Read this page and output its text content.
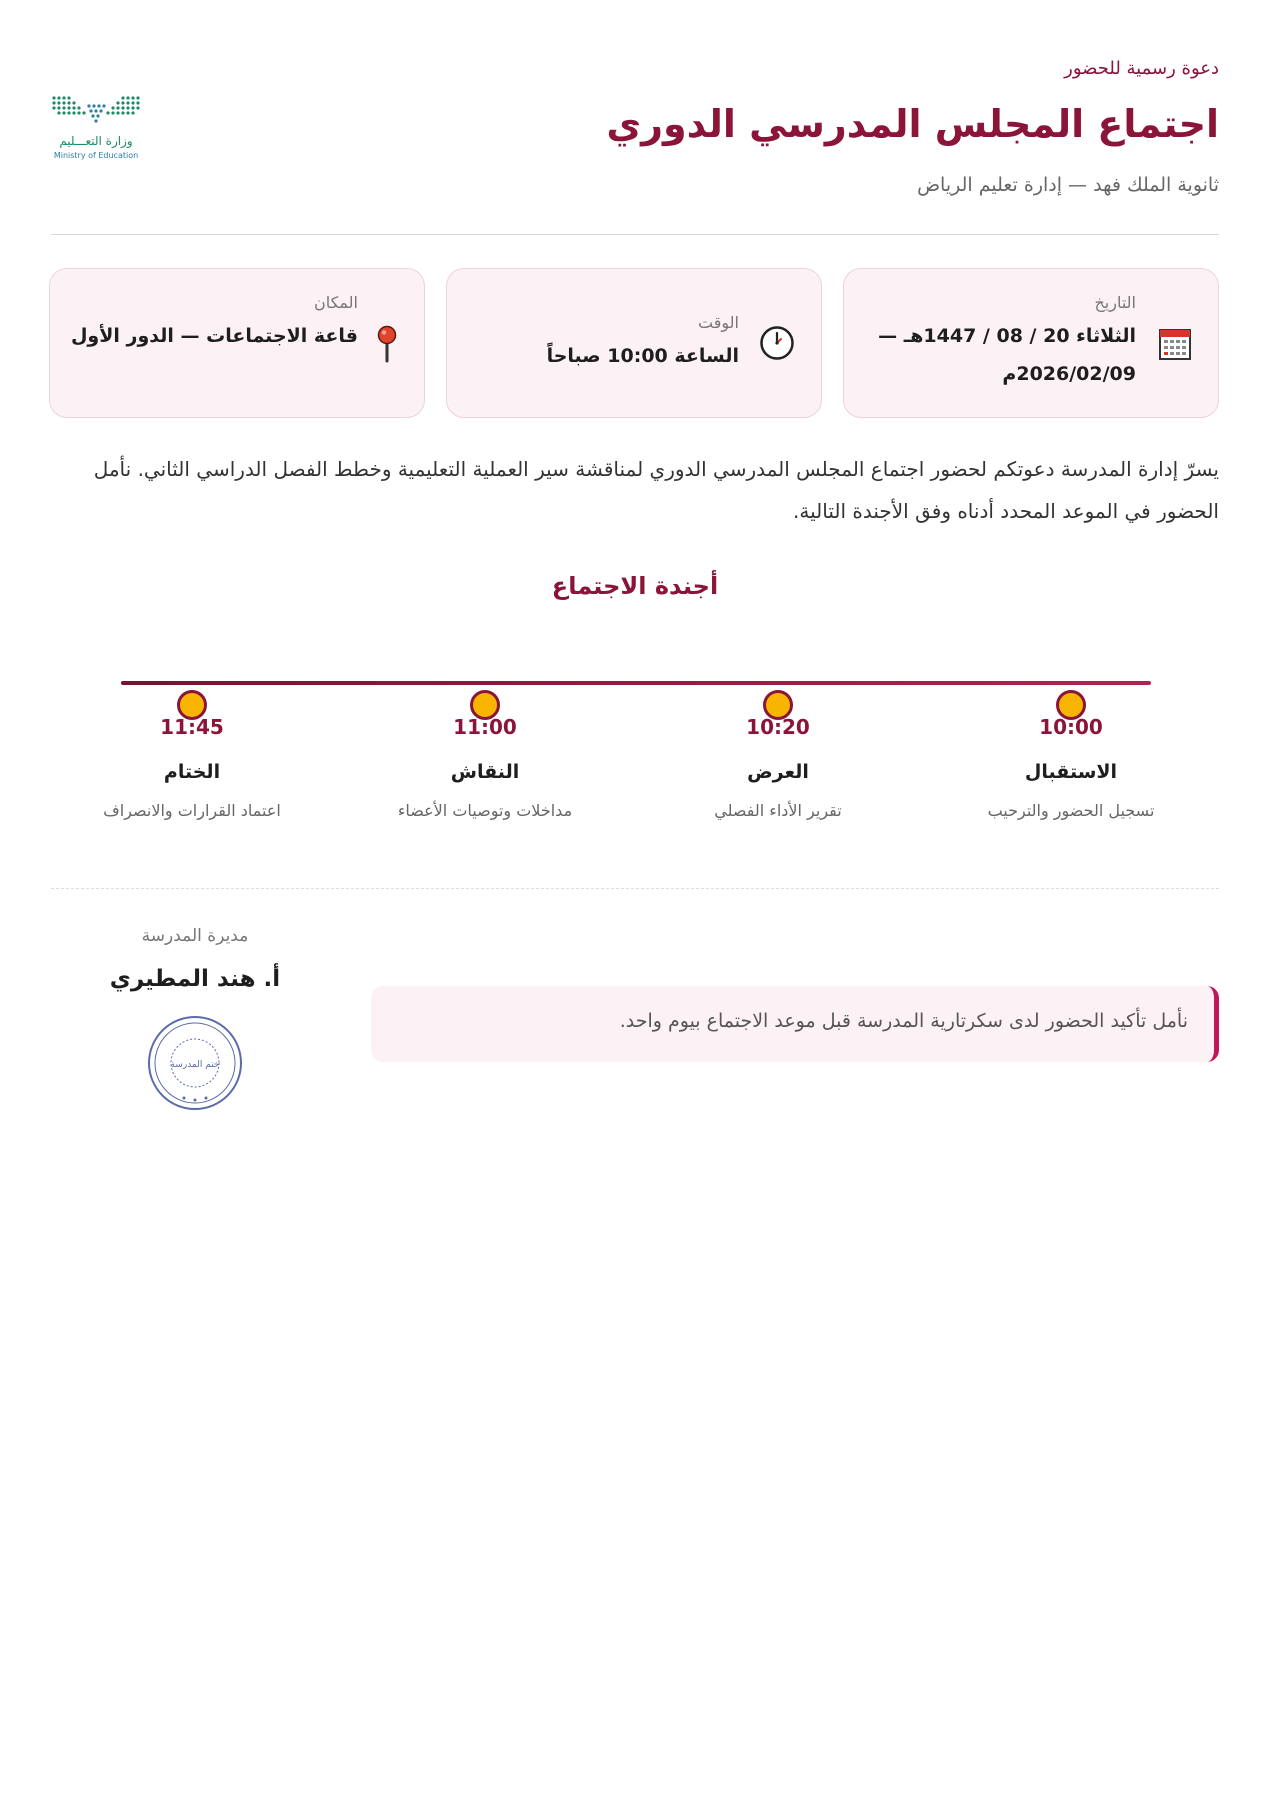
دعوة رسمية للحضور
اجتماع المجلس المدرسي الدوري
ثانوية الملك فهد — إدارة تعليم الرياض
وزارة التعـــليم
Ministry of Education
التاريخ
الثلاثاء 20 / 08 / 1447هـ —
2026/02/09م
الوقت
الساعة 10:00 صباحاً
المكان
قاعة الاجتماعات — الدور الأول

يسرّ إدارة المدرسة دعوتكم لحضور اجتماع المجلس المدرسي الدوري لمناقشة سير العملية التعليمية وخطط الفصل الدراسي الثاني. نأمل الحضور في الموعد المحدد أدناه وفق الأجندة التالية.

أجندة الاجتماع
11:45
الختام
اعتماد القرارات والانصراف
11:00
النقاش
مداخلات وتوصيات الأعضاء
10:20
العرض
تقرير الأداء الفصلي
10:00
الاستقبال
تسجيل الحضور والترحيب
مديرة المدرسة
أ. هند المطيري
ختم المدرسة
نأمل تأكيد الحضور لدى سكرتارية المدرسة قبل موعد الاجتماع بيوم واحد.
